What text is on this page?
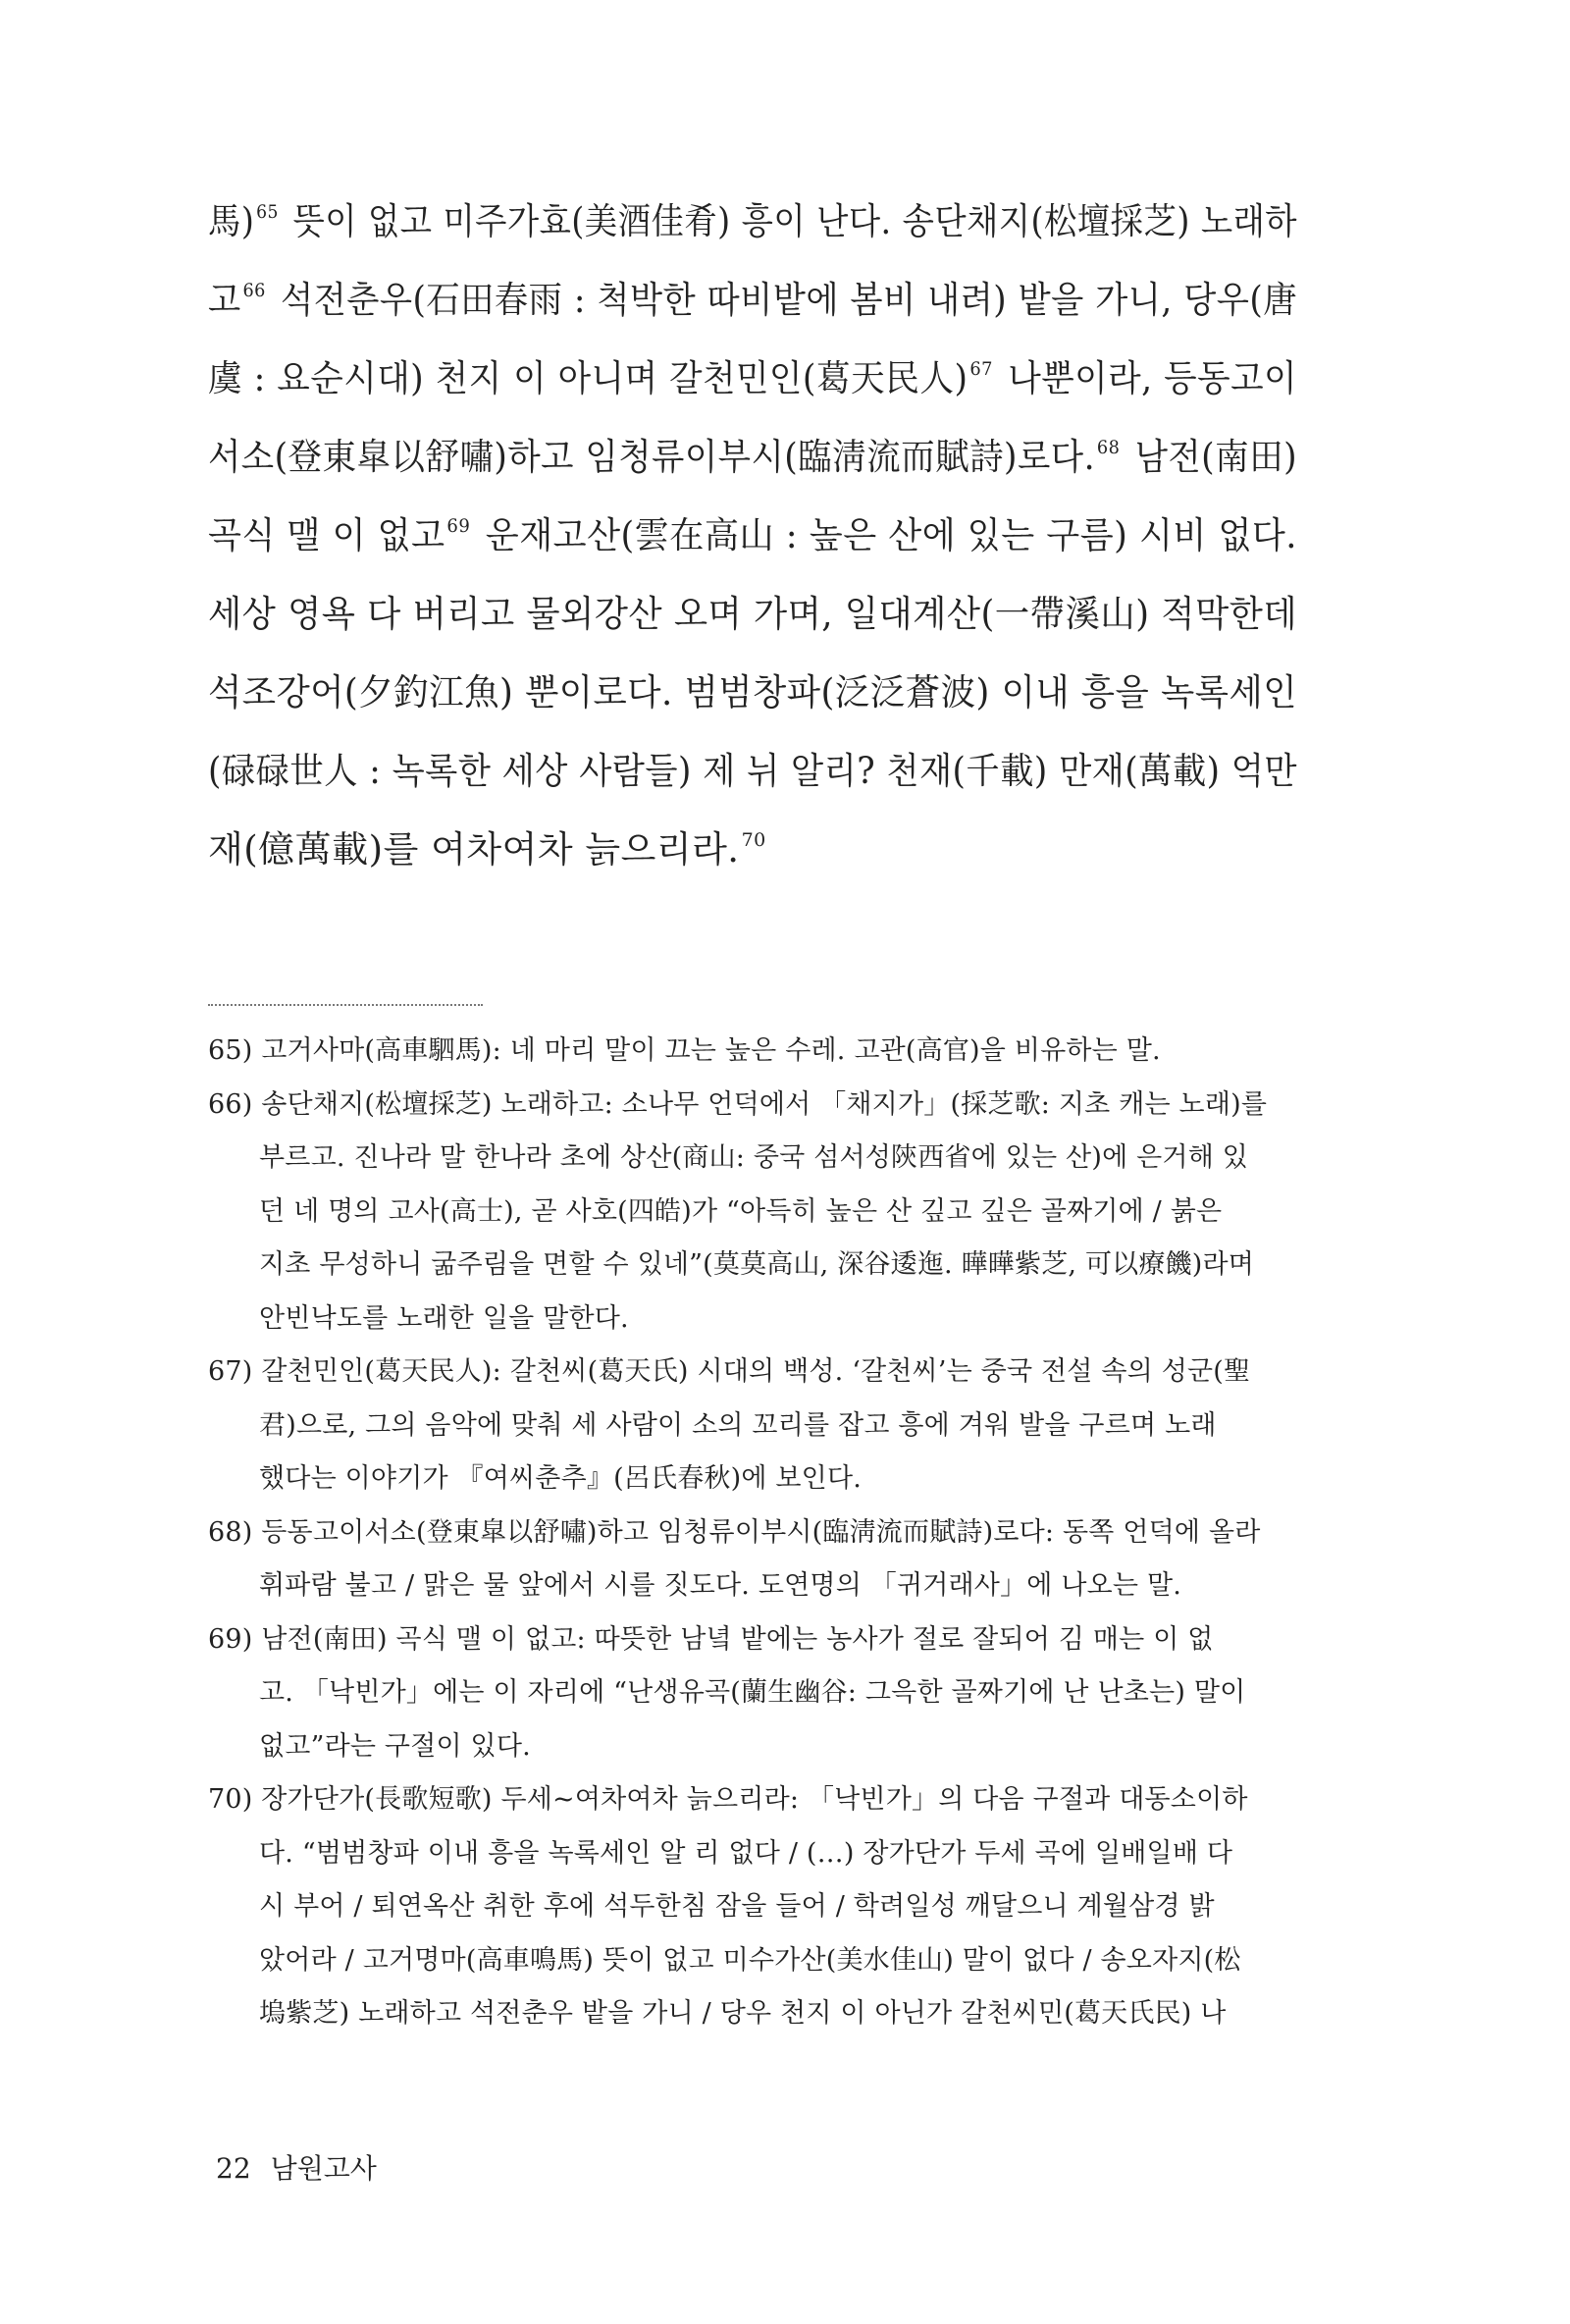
馬)$^{65}$ 뜻이 없고 미주가효(美酒佳肴) 흥이 난다. 송단채지(松壇採芝) 노래하
고$^{66}$ 석전춘우(石田春雨 : 척박한 따비밭에 봄비 내려) 밭을 가니, 당우(唐
虞 : 요순시대) 천지 이 아니며 갈천민인(葛天民人)$^{67}$ 나뿐이라, 등동고이
서소(登東皐以舒嘯)하고 임청류이부시(臨淸流而賦詩)로다.$^{68}$ 남전(南田)
곡식 맬 이 없고$^{69}$ 운재고산(雲在高山 : 높은 산에 있는 구름) 시비 없다.
세상 영욕 다 버리고 물외강산 오며 가며, 일대계산(一帶溪山) 적막한데
석조강어(夕釣江魚) 뿐이로다. 범범창파(泛泛蒼波) 이내 흥을 녹록세인
(碌碌世人 : 녹록한 세상 사람들) 제 뉘 알리? 천재(千載) 만재(萬載) 억만
재(億萬載)를 여차여차 늙으리라. $^{70}$
65) 고거사마(高車駟馬): 네 마리 말이 끄는 높은 수레. 고관(高官)을 비유하는 말.
66) 송단채지(松壇採芝) 노래하고: 소나무 언덕에서 「채지가」(採芝歌: 지초 캐는 노래)를
부르고. 진나라 말 한나라 초에 상산(商山: 중국 섬서성陝西省에 있는 산)에 은거해 있
던 네 명의 고사(高士), 곧 사호(四皓)가 “아득히 높은 산 깊고 깊은 골짜기에 / 붉은
지초 무성하니 굶주림을 면할 수 있네”(莫莫高山, 深谷逶迤. 曄曄紫芝, 可以療饑)라며
안빈낙도를 노래한 일을 말한다.
67) 갈천민인(葛天民人): 갈천씨(葛天氏) 시대의 백성. ‘갈천씨’는 중국 전설 속의 성군(聖
君)으로, 그의 음악에 맞춰 세 사람이 소의 꼬리를 잡고 흥에 겨워 발을 구르며 노래
했다는 이야기가 『여씨춘추』(呂氏春秋)에 보인다.
68) 등동고이서소(登東皐以舒嘯)하고 임청류이부시(臨淸流而賦詩)로다: 동쪽 언덕에 올라
휘파람 불고 / 맑은 물 앞에서 시를 짓도다. 도연명의 「귀거래사」에 나오는 말.
69) 남전(南田) 곡식 맬 이 없고: 따뜻한 남녘 밭에는 농사가 절로 잘되어 김 매는 이 없
고. 「낙빈가」에는 이 자리에 “난생유곡(蘭生幽谷: 그윽한 골짜기에 난 난초는) 말이
없고”라는 구절이 있다.
70) 장가단가(長歌短歌) 두세~여차여차 늙으리라: 「낙빈가」의 다음 구절과 대동소이하
다. “범범창파 이내 흥을 녹록세인 알 리 없다 / (…) 장가단가 두세 곡에 일배일배 다
시 부어 / 퇴연옥산 취한 후에 석두한침 잠을 들어 / 학려일성 깨달으니 계월삼경 밝
았어라 / 고거명마(高車鳴馬) 뜻이 없고 미수가산(美水佳山) 말이 없다 / 송오자지(松
塢紫芝) 노래하고 석전춘우 밭을 가니 / 당우 천지 이 아닌가 갈천씨민(葛天氏民) 나
22 남원고사
